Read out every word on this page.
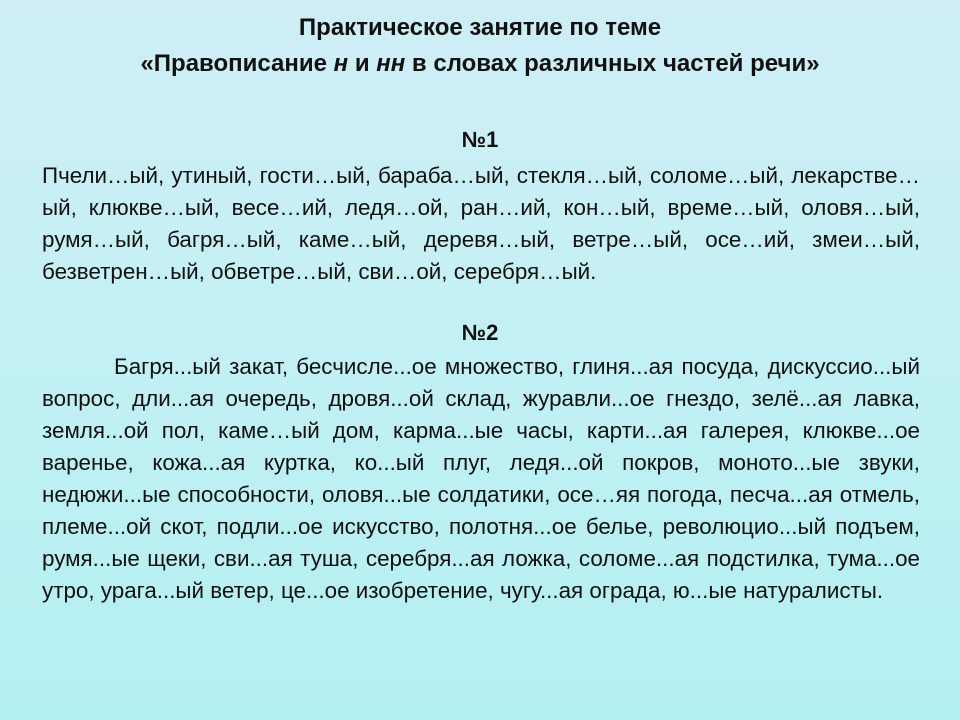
Практическое занятие по теме
«Правописание н и нн в словах различных частей речи»
№1
Пчели…ый, утиный, гости…ый, бараба…ый, стекля…ый, соломе…ый, лекарстве…ый, клюкве…ый, весе…ий, ледя…ой, ран…ий, кон…ый, време…ый, оловя…ый, румя…ый, багря…ый, каме…ый, деревя…ый, ветре…ый, осе…ий, змеи…ый, безветрен…ый, обветре…ый, сви…ой, серебря…ый.
№2
Багря...ый закат, бесчисле...ое множество, глиня...ая посуда, дискуссио...ый вопрос, дли...ая очередь, дровя...ой склад, журавли...ое гнездо, зелё...ая лавка, земля...ой пол, каме…ый дом, карма...ые часы, карти...ая галерея, клюкве...ое варенье, кожа...ая куртка, ко...ый плуг, ледя...ой покров, моното...ые звуки, недюжи...ые способности, оловя...ые солдатики, осе…яя погода, песча...ая отмель, племе...ой скот, подли...ое искусство, полотня...ое белье, революцио...ый подъем, румя...ые щеки, сви...ая туша, серебря...ая ложка, соломе...ая подстилка, тума...ое утро, урага...ый ветер, це...ое изобретение, чугу...ая ограда, ю...ые натуралисты.
